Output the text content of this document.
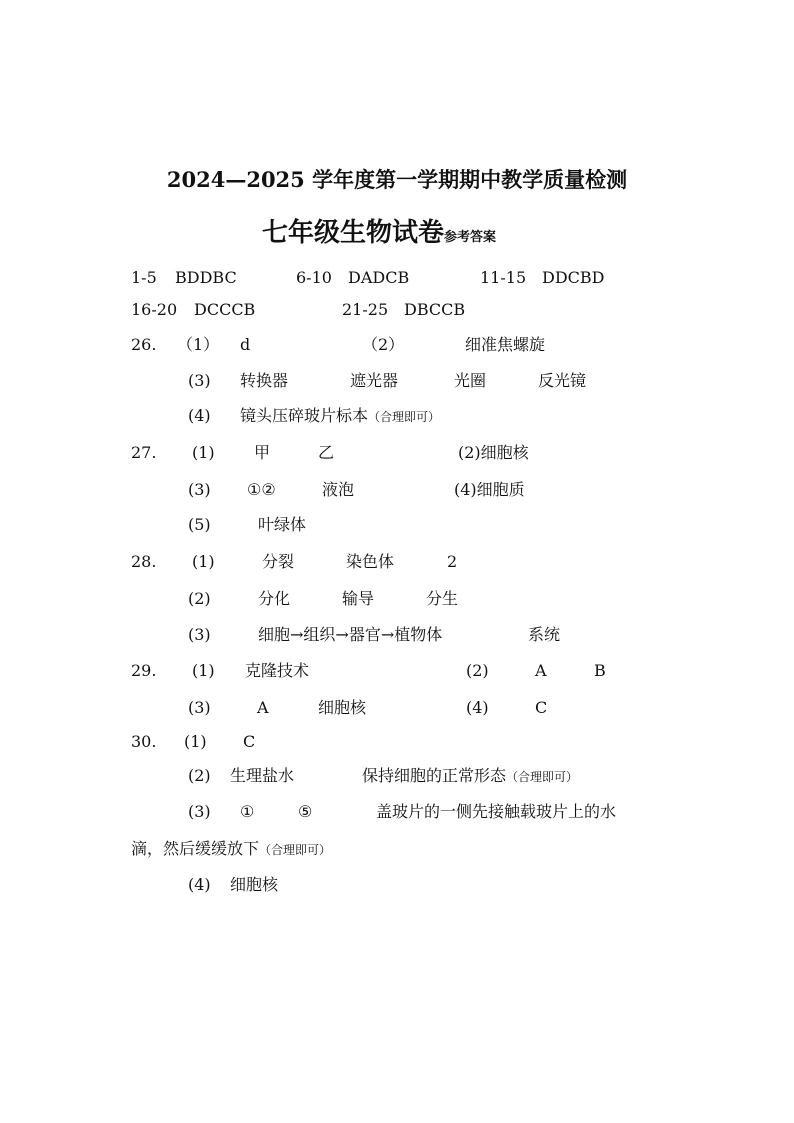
2024—2025 学年度第一学期期中教学质量检测
七年级生物试卷参考答案
1-5 BDDBC	6-10 DADCB	11-15 DDCBD
16-20 DCCCB	21-25 DBCCB
26. （1） d	（2）	细准焦螺旋
(3) 转换器	遮光器	光圈	反光镜
(4) 镜头压碎玻片标本（合理即可）
27. (1) 甲	乙	(2)细胞核
(3) ①②	液泡	(4)细胞质
(5)	叶绿体
28. (1)	分裂	染色体	2
(2)	分化	输导	分生
(3)	细胞→组织→器官→植物体	系统
29. (1) 克隆技术	(2)	A	B
(3)	A	细胞核	(4)	C
30. (1) C
(2) 生理盐水	保持细胞的正常形态（合理即可）
(3) ①	⑤	盖玻片的一侧先接触载玻片上的水
滴，然后缓缓放下（合理即可）
(4) 细胞核
